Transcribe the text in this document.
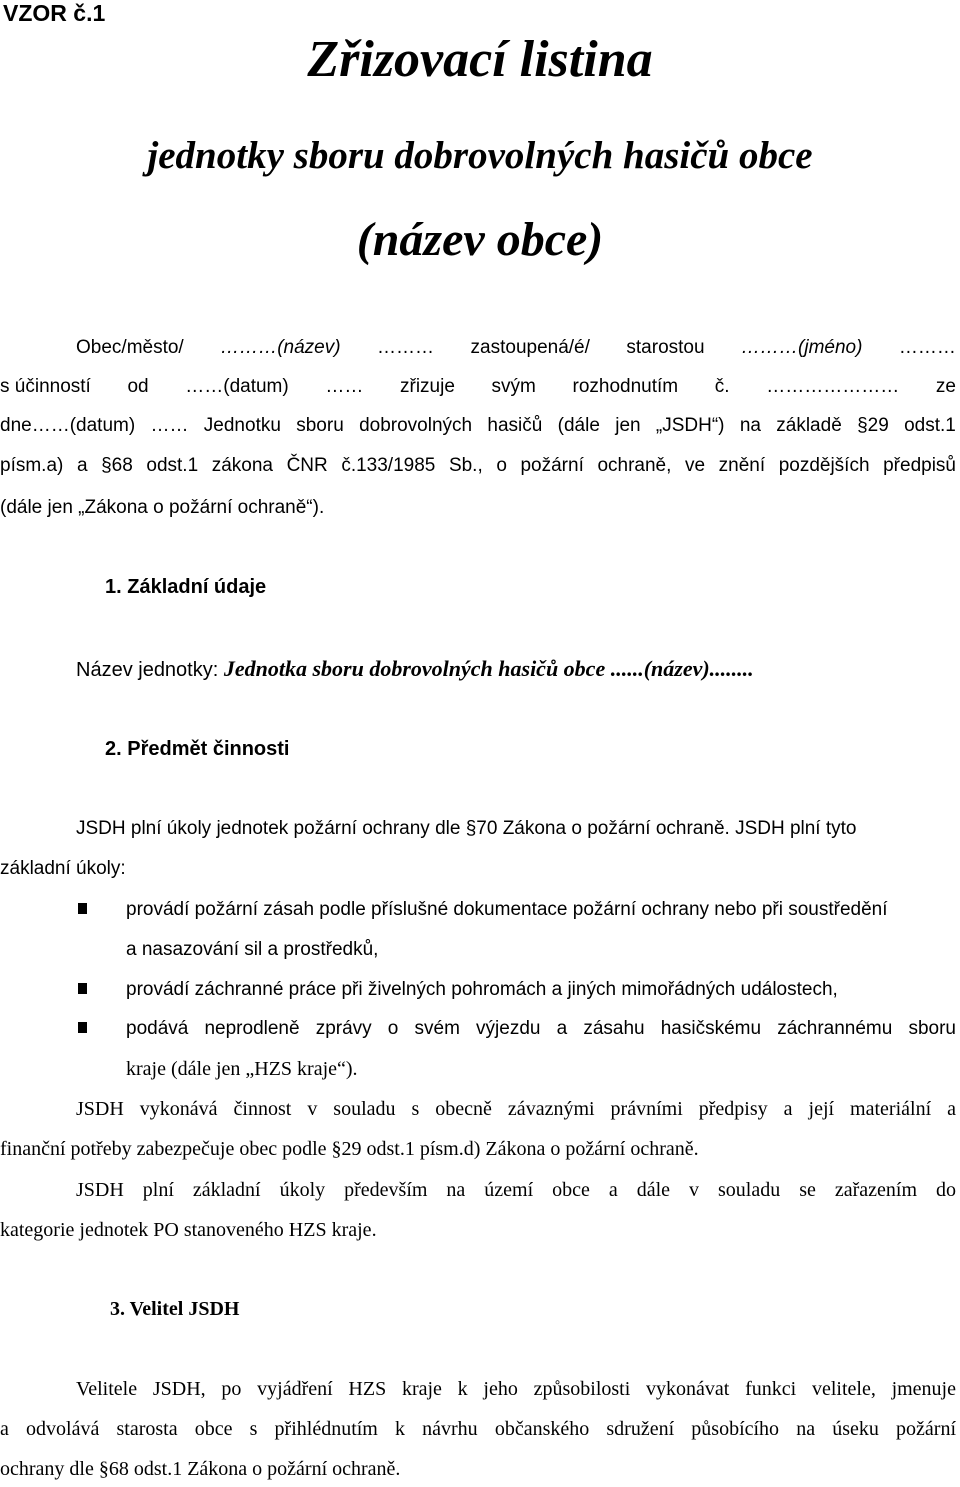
VZOR č.1
Zřizovací listina
jednotky sboru dobrovolných hasičů obce
(název obce)
Obec/město/ ………(název) ……… zastoupená/é/ starostou ………(jméno) ………
s účinností od ……(datum) …… zřizuje svým rozhodnutím č. ………………… ze
dne……(datum) …… Jednotku sboru dobrovolných hasičů (dále jen „JSDH“) na základě §29 odst.1
písm.a) a §68 odst.1 zákona ČNR č.133/1985 Sb., o požární ochraně, ve znění pozdějších předpisů
(dále jen „Zákona o požární ochraně“).
1. Základní údaje
Název jednotky: Jednotka sboru dobrovolných hasičů obce ......(název)........
2. Předmět činnosti
JSDH plní úkoly jednotek požární ochrany dle §70 Zákona o požární ochraně. JSDH plní tyto
základní úkoly:
provádí požární zásah podle příslušné dokumentace požární ochrany nebo při soustředění
a nasazování sil a prostředků,
provádí záchranné práce při živelných pohromách a jiných mimořádných událostech,
podává neprodleně zprávy o svém výjezdu a zásahu hasičskému záchrannému sboru
kraje (dále jen „HZS kraje“).
JSDH vykonává činnost v souladu s obecně závaznými právními předpisy a její materiální a
finanční potřeby zabezpečuje obec podle §29 odst.1 písm.d) Zákona o požární ochraně.
JSDH plní základní úkoly především na území obce a dále v souladu se zařazením do
kategorie jednotek PO stanoveného HZS kraje.
3. Velitel JSDH
Velitele JSDH, po vyjádření HZS kraje k jeho způsobilosti vykonávat funkci velitele, jmenuje
a odvolává starosta obce s přihlédnutím k návrhu občanského sdružení působícího na úseku požární
ochrany dle §68 odst.1 Zákona o požární ochraně.
